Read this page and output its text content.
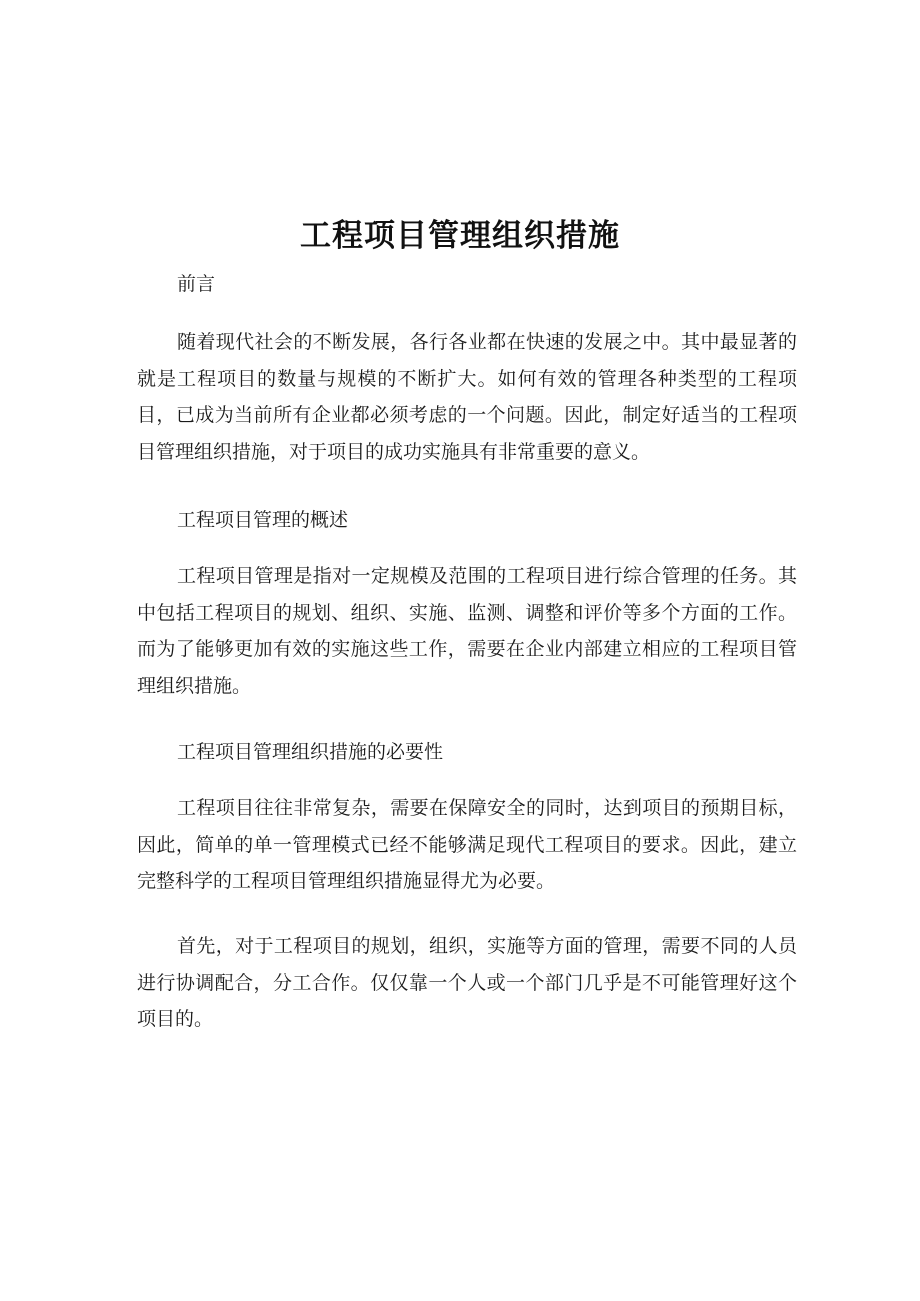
工程项目管理组织措施

前言

随着现代社会的不断发展，各行各业都在快速的发展之中。其中最显著的就是工程项目的数量与规模的不断扩大。如何有效的管理各种类型的工程项目，已成为当前所有企业都必须考虑的一个问题。因此，制定好适当的工程项目管理组织措施，对于项目的成功实施具有非常重要的意义。

工程项目管理的概述

工程项目管理是指对一定规模及范围的工程项目进行综合管理的任务。其中包括工程项目的规划、组织、实施、监测、调整和评价等多个方面的工作。而为了能够更加有效的实施这些工作，需要在企业内部建立相应的工程项目管理组织措施。

工程项目管理组织措施的必要性

工程项目往往非常复杂，需要在保障安全的同时，达到项目的预期目标，因此，简单的单一管理模式已经不能够满足现代工程项目的要求。因此，建立完整科学的工程项目管理组织措施显得尤为必要。

首先，对于工程项目的规划，组织，实施等方面的管理，需要不同的人员进行协调配合，分工合作。仅仅靠一个人或一个部门几乎是不可能管理好这个项目的。
